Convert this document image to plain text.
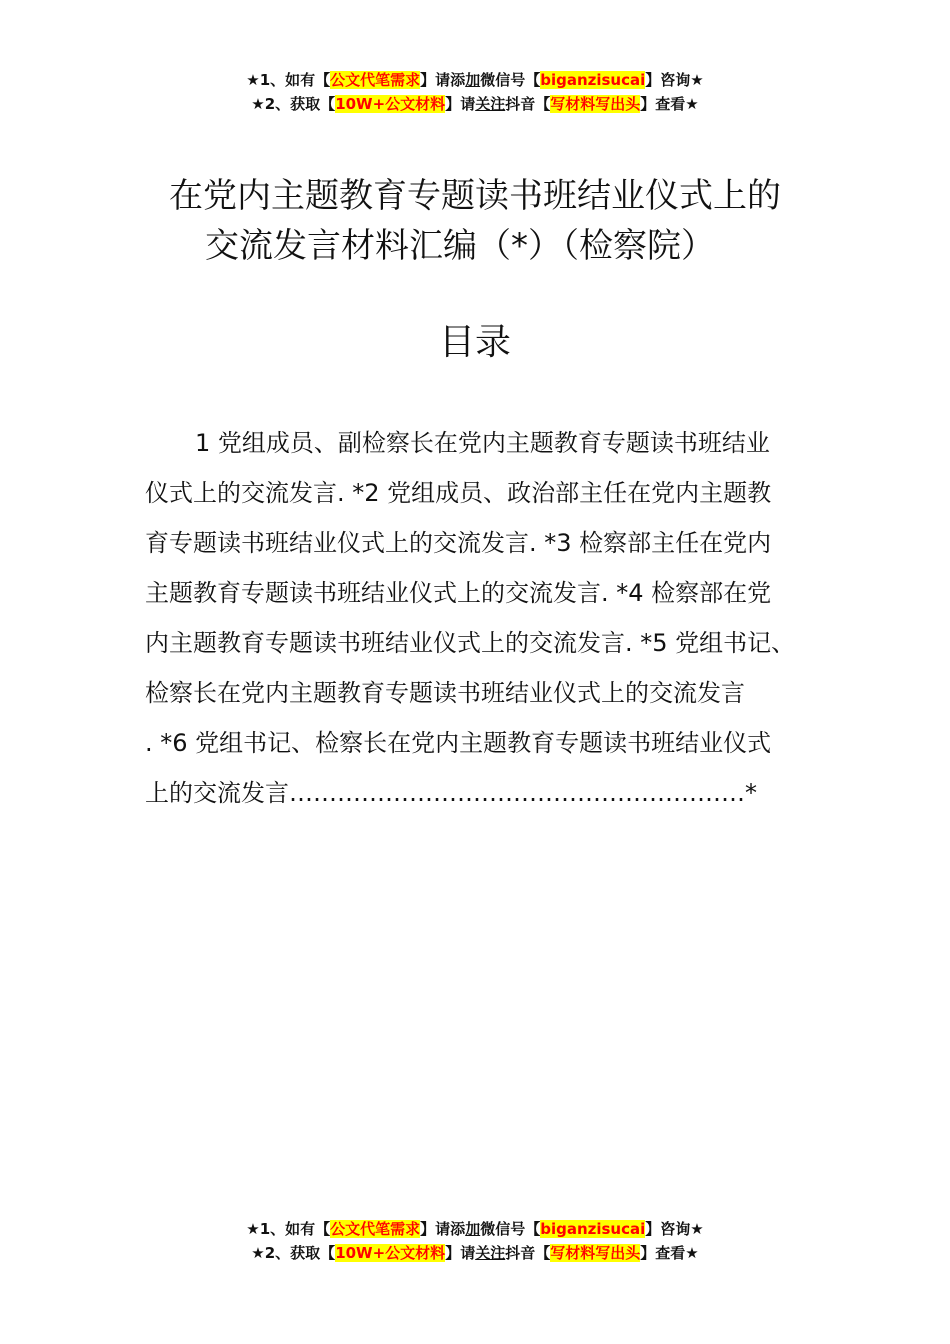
★1、如有【公文代笔需求】请添加微信号【biganzisucai】咨询★
★2、获取【10W+公文材料】请关注抖音【写材料写出头】查看★
在党内主题教育专题读书班结业仪式上的
交流发言材料汇编（*）（检察院）
目录
1 党组成员、副检察长在党内主题教育专题读书班结业
仪式上的交流发言. *2 党组成员、政治部主任在党内主题教
育专题读书班结业仪式上的交流发言. *3 检察部主任在党内
主题教育专题读书班结业仪式上的交流发言. *4 检察部在党
内主题教育专题读书班结业仪式上的交流发言. *5 党组书记、
检察长在党内主题教育专题读书班结业仪式上的交流发言
. *6 党组书记、检察长在党内主题教育专题读书班结业仪式
上的交流发言…………………………………………………*
★1、如有【公文代笔需求】请添加微信号【biganzisucai】咨询★
★2、获取【10W+公文材料】请关注抖音【写材料写出头】查看★
